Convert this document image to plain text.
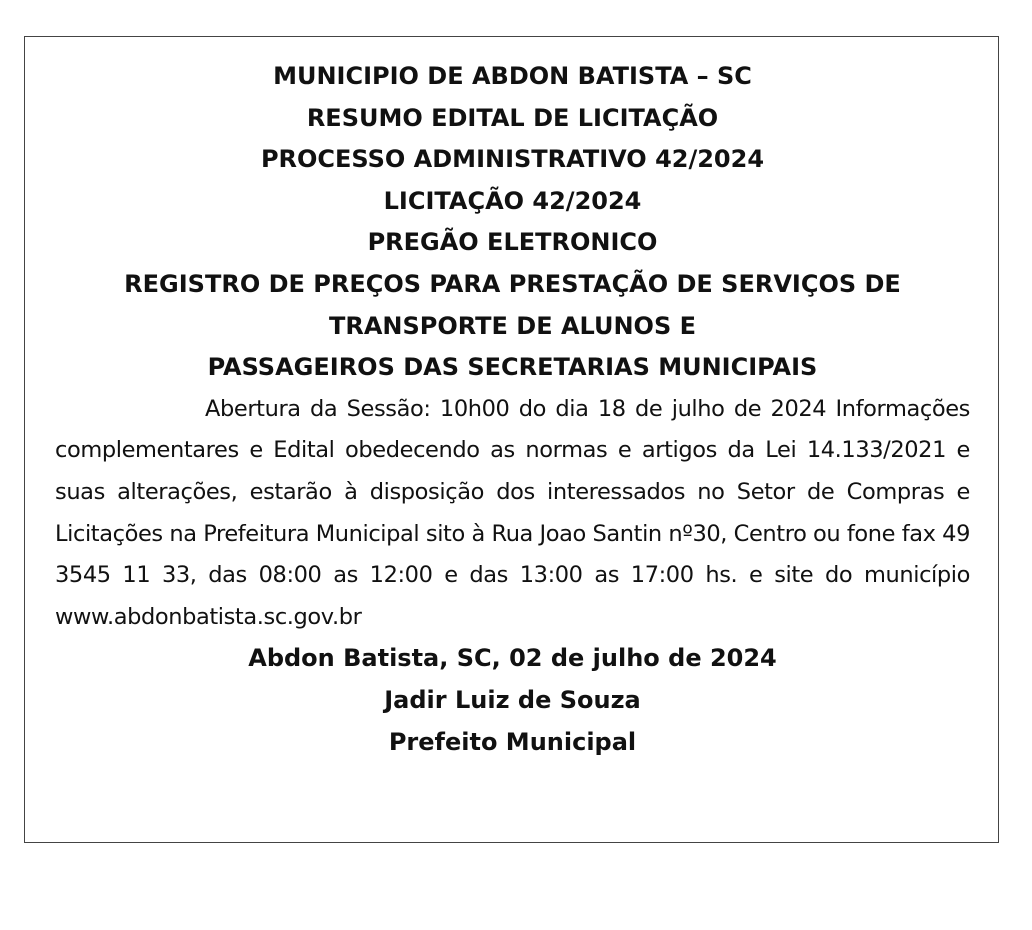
MUNICIPIO DE ABDON BATISTA – SC

RESUMO EDITAL DE LICITAÇÃO

PROCESSO ADMINISTRATIVO 42/2024

LICITAÇÃO 42/2024

PREGÃO ELETRONICO

REGISTRO DE PREÇOS PARA PRESTAÇÃO DE SERVIÇOS DE

TRANSPORTE DE ALUNOS E

PASSAGEIROS DAS SECRETARIAS MUNICIPAIS

Abertura da Sessão: 10h00 do dia 18 de julho de 2024 Informações complementares e Edital obedecendo as normas e artigos da Lei 14.133/2021 e suas alterações, estarão à disposição dos interessados no Setor de Compras e Licitações na Prefeitura Municipal sito à Rua Joao Santin nº30, Centro ou fone fax 49 3545 11 33, das 08:00 as 12:00 e das 13:00 as 17:00 hs. e site do município www.abdonbatista.sc.gov.br

Abdon Batista, SC, 02 de julho de 2024

Jadir Luiz de Souza

Prefeito Municipal
